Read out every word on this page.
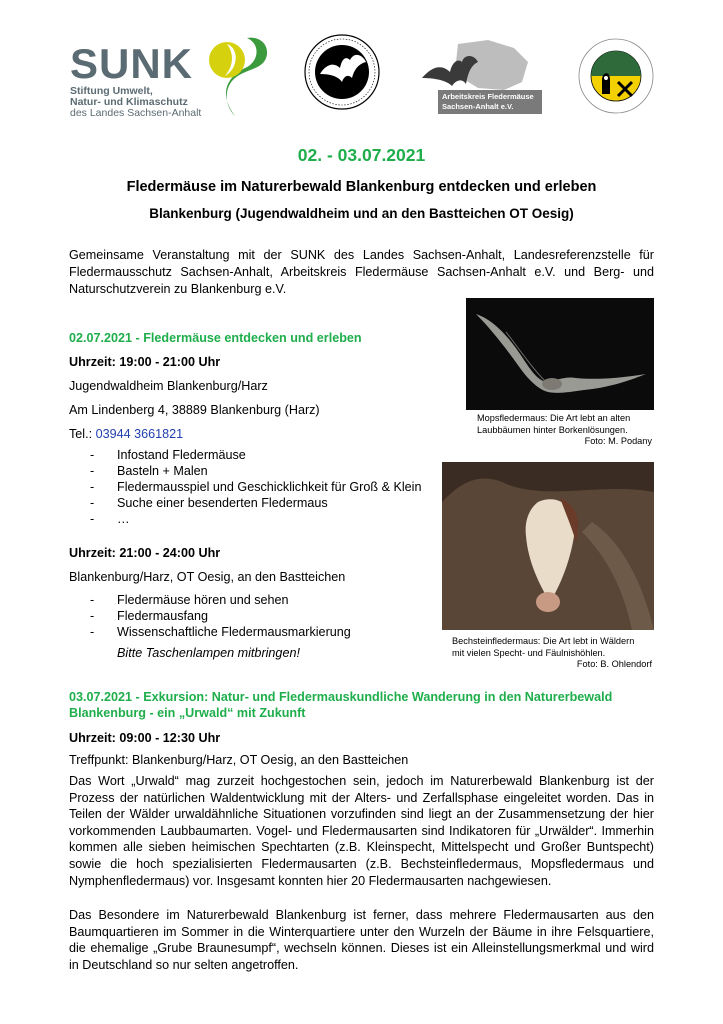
SUNK
Stiftung Umwelt,
Natur- und Klimaschutz
des Landes Sachsen-Anhalt
Arbeitskreis Fledermäuse
Sachsen-Anhalt e.V.
02. - 03.07.2021
Fledermäuse im Naturerbewald Blankenburg entdecken und erleben
Blankenburg (Jugendwaldheim und an den Bastteichen OT Oesig)
Gemeinsame Veranstaltung mit der SUNK des Landes Sachsen-Anhalt, Landesreferenzstelle für Fledermausschutz Sachsen-Anhalt, Arbeitskreis Fledermäuse Sachsen-Anhalt e.V. und Berg- und Naturschutzverein zu Blankenburg e.V.
02.07.2021 - Fledermäuse entdecken und erleben
Uhrzeit: 19:00 - 21:00 Uhr
Jugendwaldheim Blankenburg/Harz
Am Lindenberg 4, 38889 Blankenburg (Harz)
Tel.: 03944 3661821
- Infostand Fledermäuse
- Basteln + Malen
- Fledermausspiel und Geschicklichkeit für Groß & Klein
- Suche einer besenderten Fledermaus
- …
Uhrzeit: 21:00 - 24:00 Uhr
Blankenburg/Harz, OT Oesig, an den Bastteichen
- Fledermäuse hören und sehen
- Fledermausfang
- Wissenschaftliche Fledermausmarkierung
Bitte Taschenlampen mitbringen!
Mopsfledermaus: Die Art lebt an alten
Laubbäumen hinter Borkenlösungen.
Foto: M. Podany
Bechsteinfledermaus: Die Art lebt in Wäldern
mit vielen Specht- und Fäulnishöhlen.
Foto: B. Ohlendorf
03.07.2021 - Exkursion: Natur- und Fledermauskundliche Wanderung in den Naturerbewald Blankenburg - ein „Urwald“ mit Zukunft
Uhrzeit: 09:00 - 12:30 Uhr
Treffpunkt: Blankenburg/Harz, OT Oesig, an den Bastteichen
Das Wort „Urwald“ mag zurzeit hochgestochen sein, jedoch im Naturerbewald Blankenburg ist der Prozess der natürlichen Waldentwicklung mit der Alters- und Zerfallsphase eingeleitet worden. Das in Teilen der Wälder urwaldähnliche Situationen vorzufinden sind liegt an der Zusammensetzung der hier vorkommenden Laubbaumarten. Vogel- und Fledermausarten sind Indikatoren für „Urwälder“. Immerhin kommen alle sieben heimischen Spechtarten (z.B. Kleinspecht, Mittelspecht und Großer Buntspecht) sowie die hoch spezialisierten Fledermausarten (z.B. Bechsteinfledermaus, Mopsfledermaus und Nymphenfledermaus) vor. Insgesamt konnten hier 20 Fledermausarten nachgewiesen.
Das Besondere im Naturerbewald Blankenburg ist ferner, dass mehrere Fledermausarten aus den Baumquartieren im Sommer in die Winterquartiere unter den Wurzeln der Bäume in ihre Felsquartiere, die ehemalige „Grube Braunesumpf“, wechseln können. Dieses ist ein Alleinstellungsmerkmal und wird in Deutschland so nur selten angetroffen.
